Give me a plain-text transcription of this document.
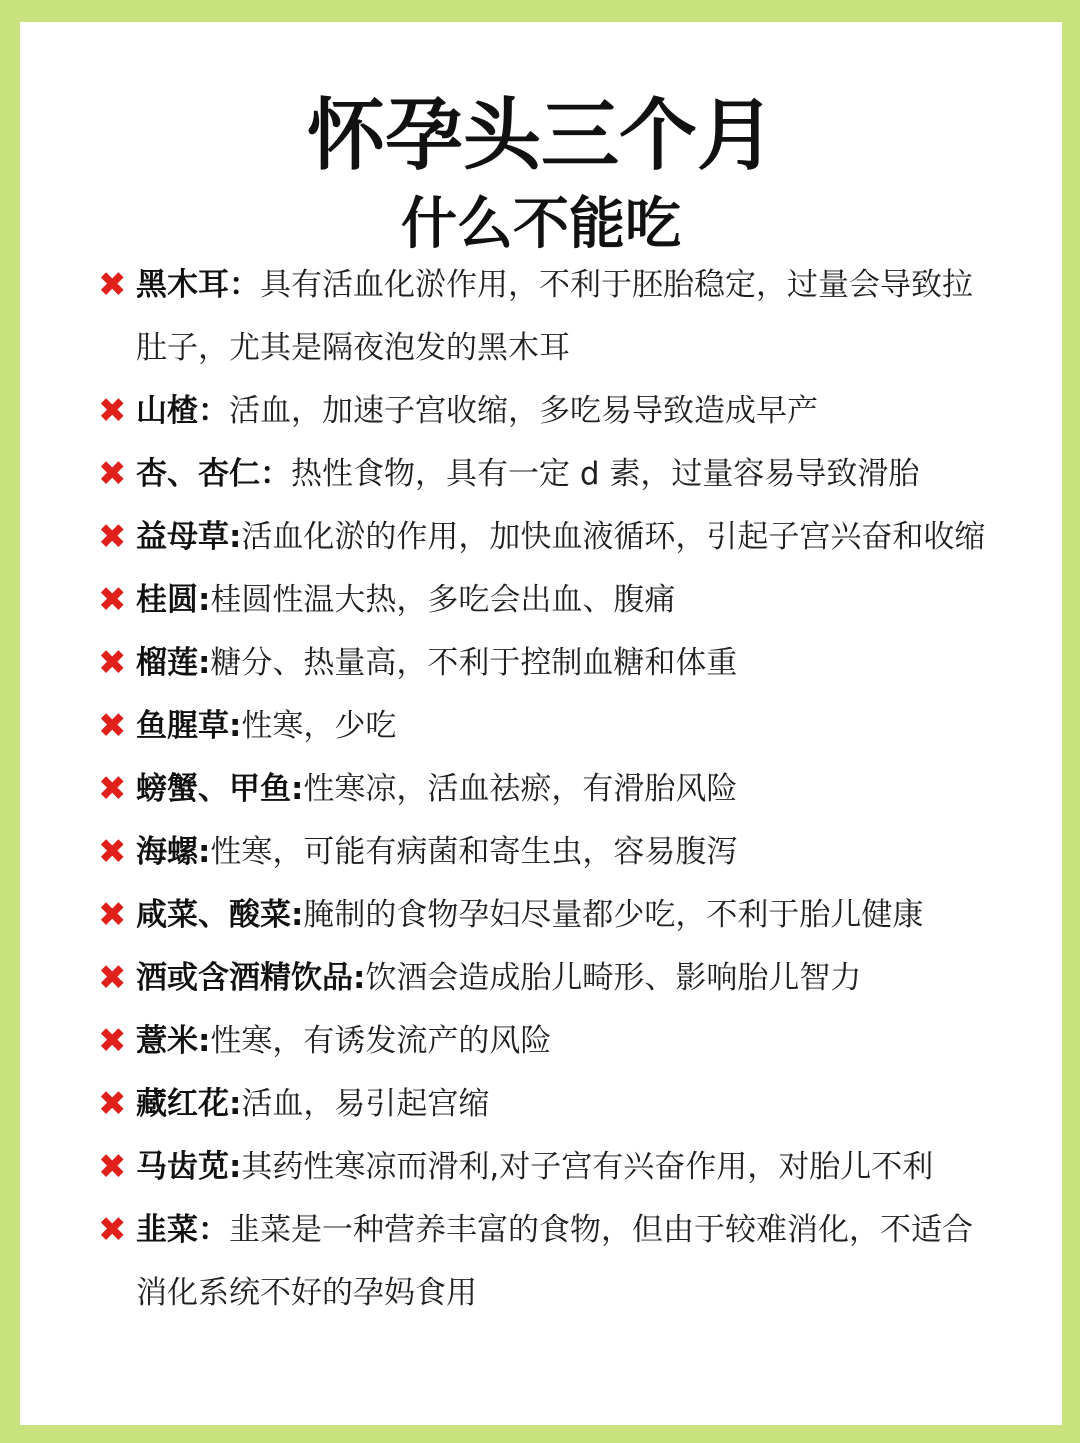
怀孕头三个月
什么不能吃
✖ 黑木耳：具有活血化淤作用，不利于胚胎稳定，过量会导致拉肚子，尤其是隔夜泡发的黑木耳
✖ 山楂：活血，加速子宫收缩，多吃易导致造成早产
✖ 杏、杏仁：热性食物，具有一定 d 素，过量容易导致滑胎
✖ 益母草:活血化淤的作用，加快血液循环，引起子宫兴奋和收缩
✖ 桂圆:桂圆性温大热，多吃会出血、腹痛
✖ 榴莲:糖分、热量高，不利于控制血糖和体重
✖ 鱼腥草:性寒，少吃
✖ 螃蟹、甲鱼:性寒凉，活血祛瘀，有滑胎风险
✖ 海螺:性寒，可能有病菌和寄生虫，容易腹泻
✖ 咸菜、酸菜:腌制的食物孕妇尽量都少吃，不利于胎儿健康
✖ 酒或含酒精饮品:饮酒会造成胎儿畸形、影响胎儿智力
✖ 薏米:性寒，有诱发流产的风险
✖ 藏红花:活血，易引起宫缩
✖ 马齿苋:其药性寒凉而滑利,对子宫有兴奋作用，对胎儿不利
✖ 韭菜：韭菜是一种营养丰富的食物，但由于较难消化，不适合消化系统不好的孕妈食用
